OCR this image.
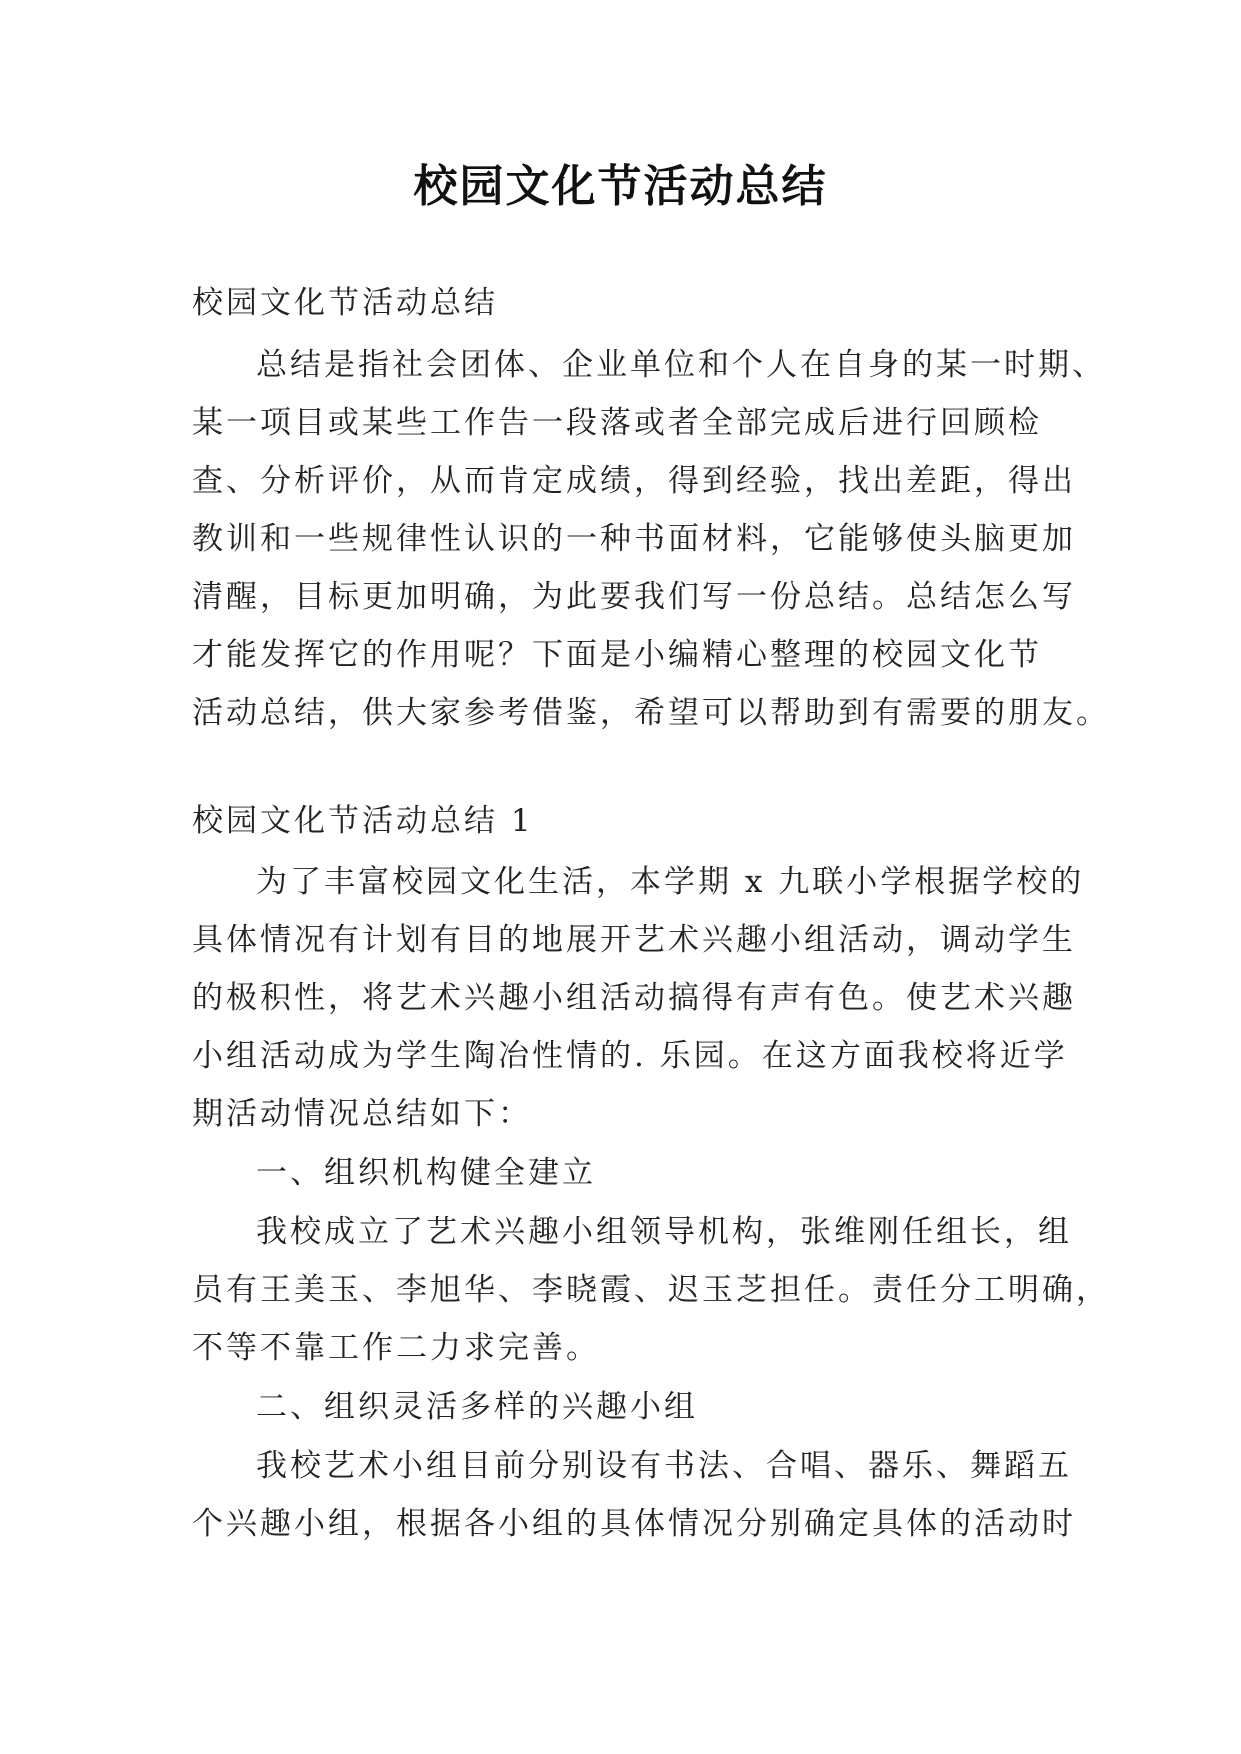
校园文化节活动总结
校园文化节活动总结
总结是指社会团体、企业单位和个人在自身的某一时期、
某一项目或某些工作告一段落或者全部完成后进行回顾检
查、分析评价，从而肯定成绩，得到经验，找出差距，得出
教训和一些规律性认识的一种书面材料，它能够使头脑更加
清醒，目标更加明确，为此要我们写一份总结。总结怎么写
才能发挥它的作用呢？下面是小编精心整理的校园文化节
活动总结，供大家参考借鉴，希望可以帮助到有需要的朋友。
校园文化节活动总结 1
为了丰富校园文化生活，本学期 x 九联小学根据学校的
具体情况有计划有目的地展开艺术兴趣小组活动，调动学生
的极积性，将艺术兴趣小组活动搞得有声有色。使艺术兴趣
小组活动成为学生陶冶性情的. 乐园。在这方面我校将近学
期活动情况总结如下：
一、组织机构健全建立
我校成立了艺术兴趣小组领导机构，张维刚任组长，组
员有王美玉、李旭华、李晓霞、迟玉芝担任。责任分工明确，
不等不靠工作二力求完善。
二、组织灵活多样的兴趣小组
我校艺术小组目前分别设有书法、合唱、器乐、舞蹈五
个兴趣小组，根据各小组的具体情况分别确定具体的活动时
